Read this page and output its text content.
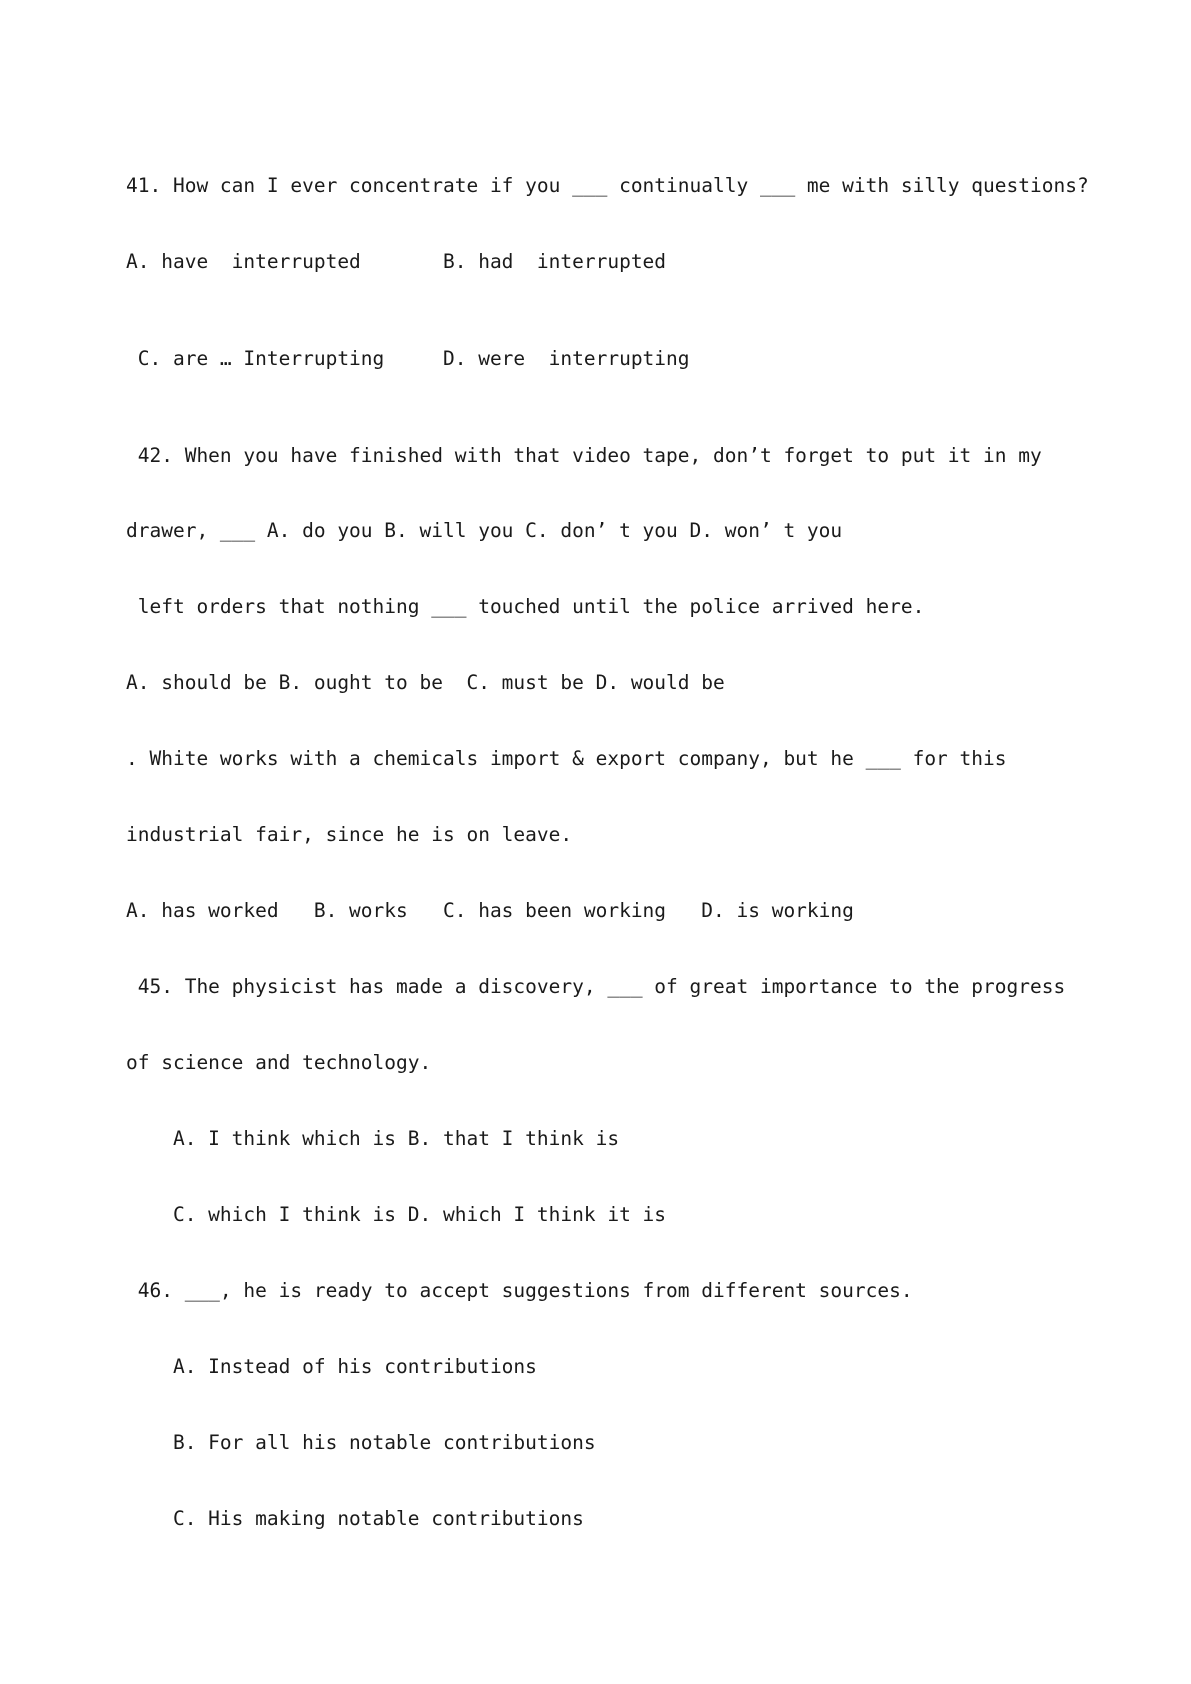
41. How can I ever concentrate if you ___ continually ___ me with silly questions?
A. have  interrupted       B. had  interrupted
C. are … Interrupting     D. were  interrupting
42. When you have finished with that video tape, don’t forget to put it in my
drawer, ___ A. do you B. will you C. don’ t you D. won’ t you
left orders that nothing ___ touched until the police arrived here.
A. should be B. ought to be  C. must be D. would be
. White works with a chemicals import & export company, but he ___ for this
industrial fair, since he is on leave.
A. has worked   B. works   C. has been working   D. is working
45. The physicist has made a discovery, ___ of great importance to the progress
of science and technology.
A. I think which is B. that I think is
C. which I think is D. which I think it is
46. ___, he is ready to accept suggestions from different sources.
A. Instead of his contributions
B. For all his notable contributions
C. His making notable contributions
